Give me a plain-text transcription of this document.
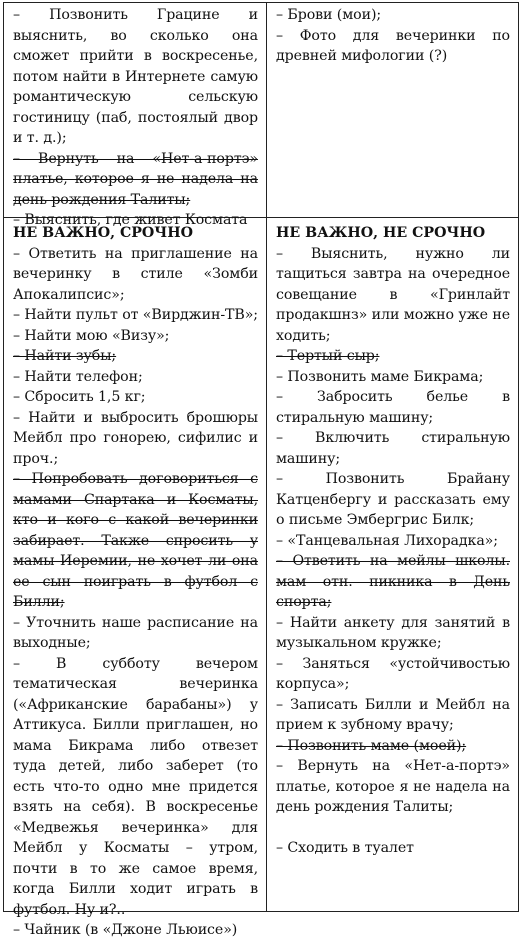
– Позвонить Грацине и выяснить, во сколько она сможет прийти в воскресенье, потом найти в Интернете самую романтическую сельскую гостиницу (паб, постоялый двор и т. д.);
– Вернуть на «Нет-а-портэ» платье, которое я не надела на день рождения Талиты;
– Выяснить, где живет Космата
– Брови (мои);
– Фото для вечеринки по древней мифологии (?)

НЕ ВАЖНО, СРОЧНО

– Ответить на приглашение на вечеринку в стиле «Зомби Апокалипсис»;
– Найти пульт от «Вирджин-ТВ»;
– Найти мою «Визу»;
– Найти зубы;
– Найти телефон;
– Сбросить 1,5 кг;
– Найти и выбросить брошюры Мейбл про гонорею, сифилис и проч.;
– Попробовать договориться с мамами Спартака и Косматы, кто и кого с какой вечеринки забирает. Также спросить у мамы Иеремии, не хочет ли она ее сын поиграть в футбол с Билли;
– Уточнить наше расписание на выходные;
– В субботу вечером тематическая вечеринка («Африканские барабаны») у Аттикуса. Билли приглашен, но мама Бикрама либо отвезет туда детей, либо заберет (то есть что-то одно мне придется взять на себя). В воскресенье «Медвежья вечеринка» для Мейбл у Косматы – утром, почти в то же самое время, когда Билли ходит играть в футбол. Ну и?..
– Чайник (в «Джоне Льюисе»)

НЕ ВАЖНО, НЕ СРОЧНО

– Выяснить, нужно ли тащиться завтра на очередное совещание в «Гринлайт продакшнз» или можно уже не ходить;
– Тертый сыр;
– Позвонить маме Бикрама;
– Забросить белье в стиральную машину;
– Включить стиральную машину;
– Позвонить Брайану Катценбергу и рассказать ему о письме Эмбергрис Билк;
– «Танцевальная Лихорадка»;
– Ответить на мейлы школы. мам отн. пикника в День спорта;
– Найти анкету для занятий в музыкальном кружке;
– Заняться «устойчивостью корпуса»;
– Записать Билли и Мейбл на прием к зубному врачу;
– Позвонить маме (моей);
– Вернуть на «Нет-а-портэ» платье, которое я не надела на день рождения Талиты;
– Сходить в туалет
